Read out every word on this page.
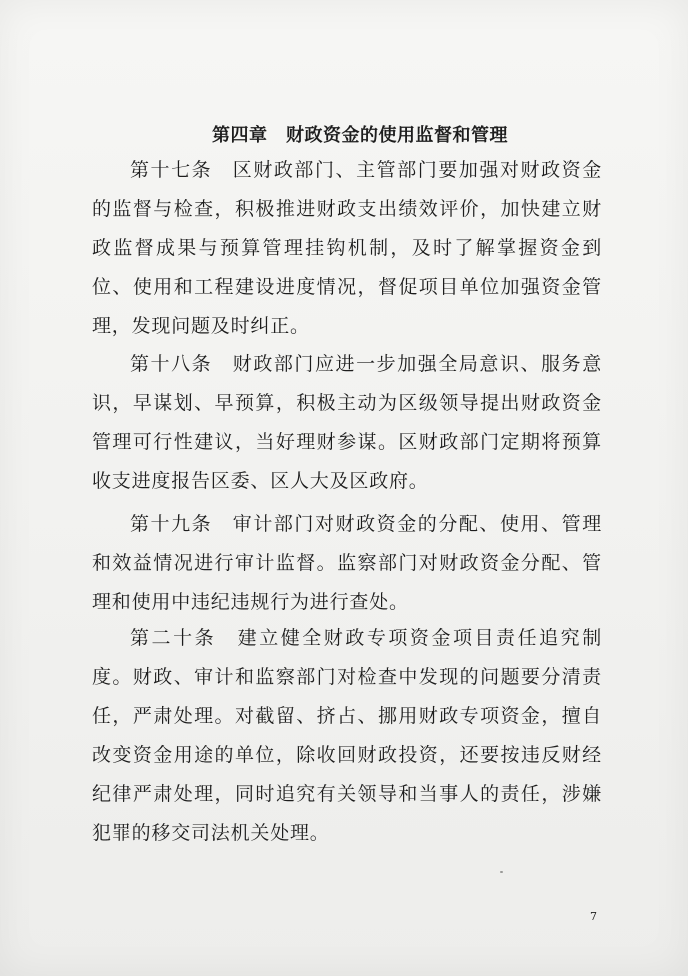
第四章　财政资金的使用监督和管理
第十七条　区财政部门、主管部门要加强对财政资金的监督与检查，积极推进财政支出绩效评价，加快建立财政监督成果与预算管理挂钩机制，及时了解掌握资金到位、使用和工程建设进度情况，督促项目单位加强资金管理，发现问题及时纠正。
第十八条　财政部门应进一步加强全局意识、服务意识，早谋划、早预算，积极主动为区级领导提出财政资金管理可行性建议，当好理财参谋。区财政部门定期将预算收支进度报告区委、区人大及区政府。
第十九条　审计部门对财政资金的分配、使用、管理和效益情况进行审计监督。监察部门对财政资金分配、管理和使用中违纪违规行为进行查处。
第二十条　建立健全财政专项资金项目责任追究制度。财政、审计和监察部门对检查中发现的问题要分清责任，严肃处理。对截留、挤占、挪用财政专项资金，擅自改变资金用途的单位，除收回财政投资，还要按违反财经纪律严肃处理，同时追究有关领导和当事人的责任，涉嫌犯罪的移交司法机关处理。
7
